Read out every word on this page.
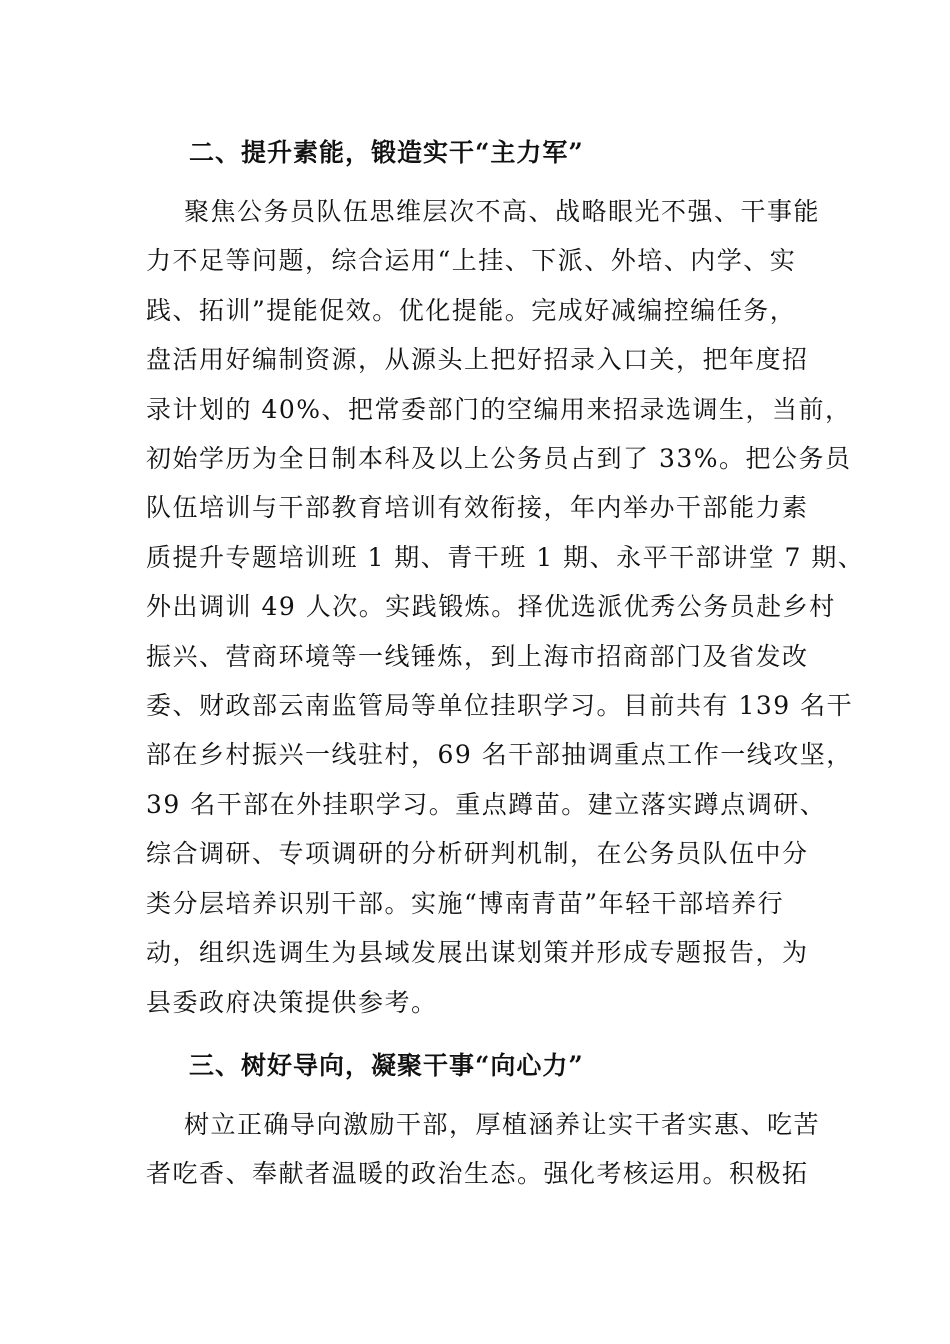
二、提升素能，锻造实干“主力军”

聚焦公务员队伍思维层次不高、战略眼光不强、干事能
力不足等问题，综合运用“上挂、下派、外培、内学、实
践、拓训”提能促效。优化提能。完成好减编控编任务，
盘活用好编制资源，从源头上把好招录入口关，把年度招
录计划的 40%、把常委部门的空编用来招录选调生，当前，
初始学历为全日制本科及以上公务员占到了 33%。把公务员
队伍培训与干部教育培训有效衔接，年内举办干部能力素
质提升专题培训班 1 期、青干班 1 期、永平干部讲堂 7 期、
外出调训 49 人次。实践锻炼。择优选派优秀公务员赴乡村
振兴、营商环境等一线锤炼，到上海市招商部门及省发改
委、财政部云南监管局等单位挂职学习。目前共有 139 名干
部在乡村振兴一线驻村，69 名干部抽调重点工作一线攻坚，
39 名干部在外挂职学习。重点蹲苗。建立落实蹲点调研、
综合调研、专项调研的分析研判机制，在公务员队伍中分
类分层培养识别干部。实施“博南青苗”年轻干部培养行
动，组织选调生为县域发展出谋划策并形成专题报告，为
县委政府决策提供参考。

三、树好导向，凝聚干事“向心力”

树立正确导向激励干部，厚植涵养让实干者实惠、吃苦
者吃香、奉献者温暖的政治生态。强化考核运用。积极拓
